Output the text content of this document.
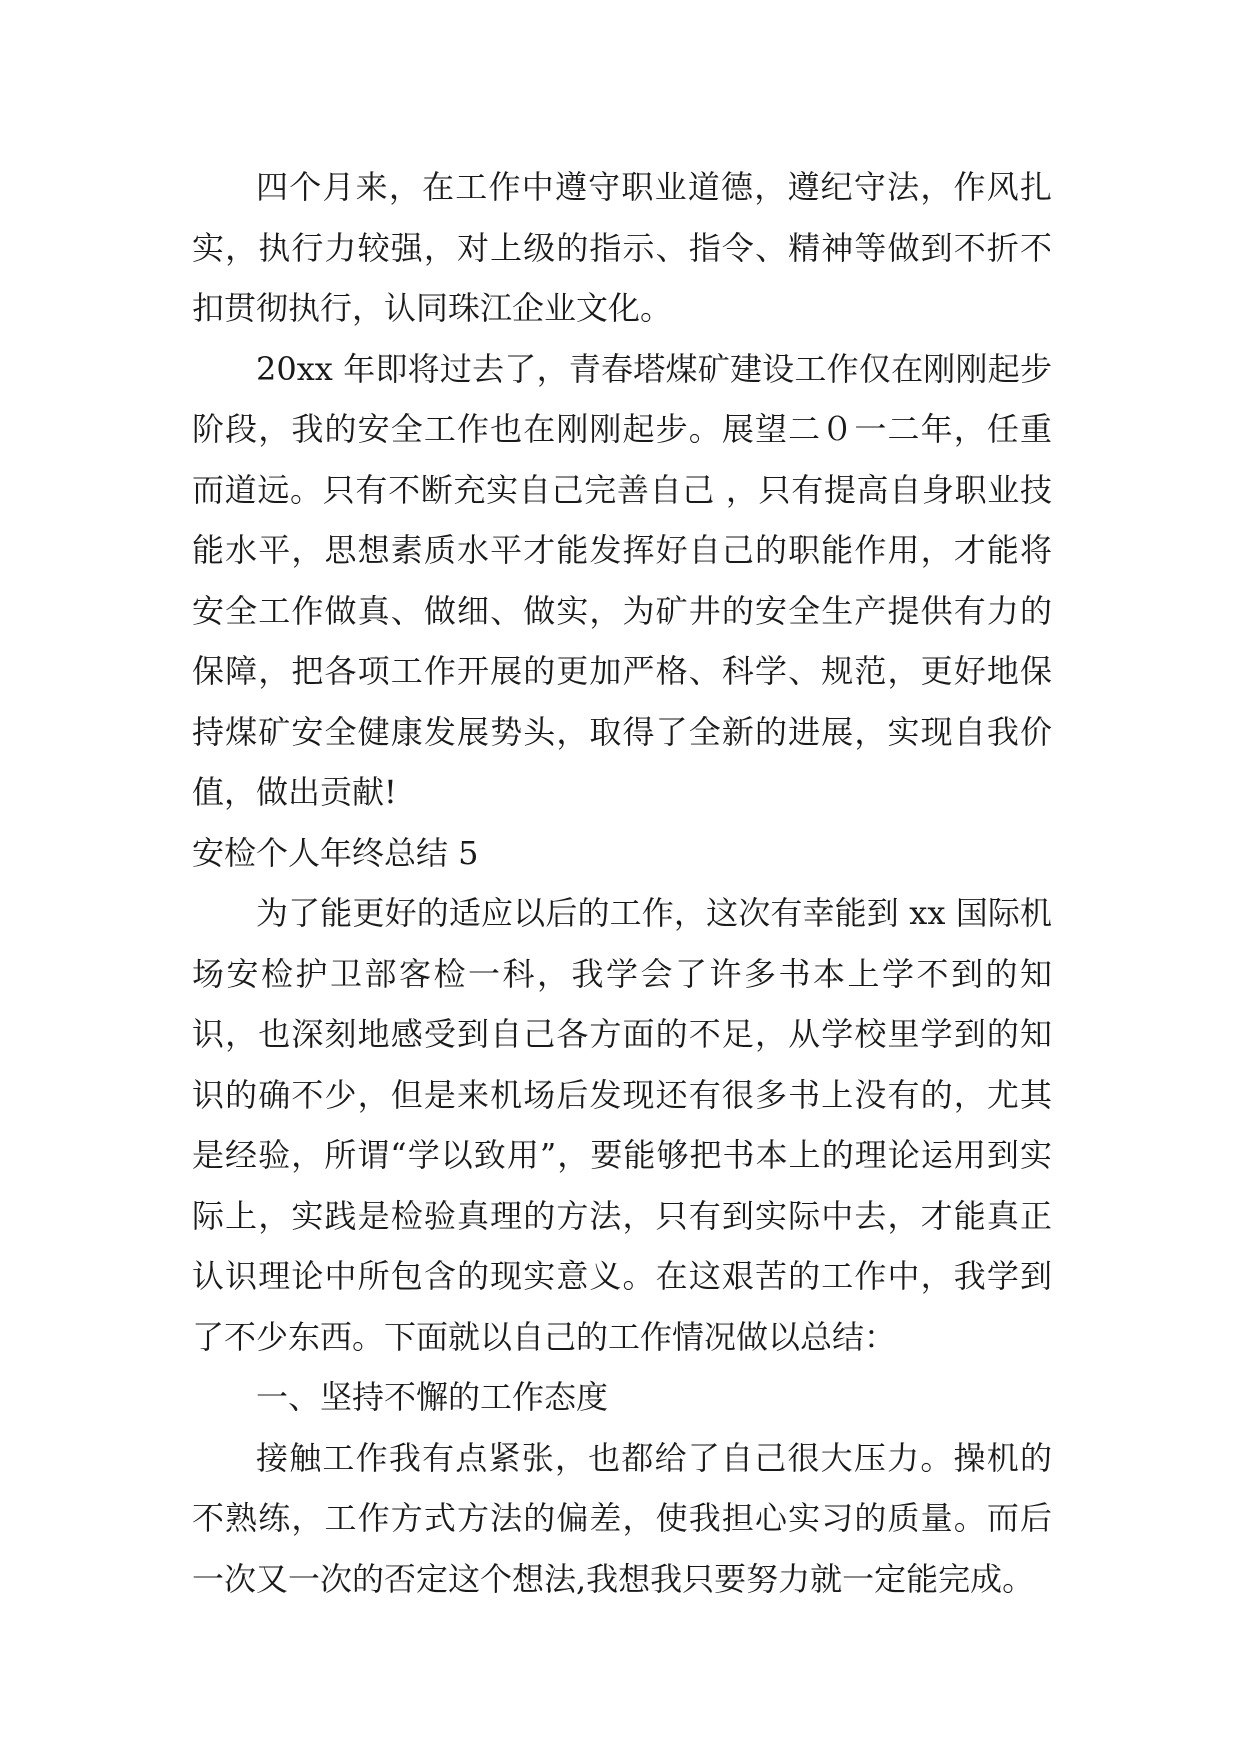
四个月来，在工作中遵守职业道德，遵纪守法，作风扎实，执行力较强，对上级的指示、指令、精神等做到不折不扣贯彻执行，认同珠江企业文化。

20xx 年即将过去了，青春塔煤矿建设工作仅在刚刚起步阶段，我的安全工作也在刚刚起步。展望二０一二年，任重而道远。只有不断充实自己完善自己 ，只有提高自身职业技能水平，思想素质水平才能发挥好自己的职能作用，才能将安全工作做真、做细、做实，为矿井的安全生产提供有力的保障，把各项工作开展的更加严格、科学、规范，更好地保持煤矿安全健康发展势头，取得了全新的进展，实现自我价值，做出贡献!

安检个人年终总结 5

为了能更好的适应以后的工作，这次有幸能到 xx 国际机场安检护卫部客检一科，我学会了许多书本上学不到的知识，也深刻地感受到自己各方面的不足，从学校里学到的知识的确不少，但是来机场后发现还有很多书上没有的，尤其是经验，所谓“学以致用”，要能够把书本上的理论运用到实际上，实践是检验真理的方法，只有到实际中去，才能真正认识理论中所包含的现实意义。在这艰苦的工作中，我学到了不少东西。下面就以自己的工作情况做以总结：

一、坚持不懈的工作态度

接触工作我有点紧张，也都给了自己很大压力。操机的不熟练，工作方式方法的偏差，使我担心实习的质量。而后一次又一次的否定这个想法,我想我只要努力就一定能完成。
